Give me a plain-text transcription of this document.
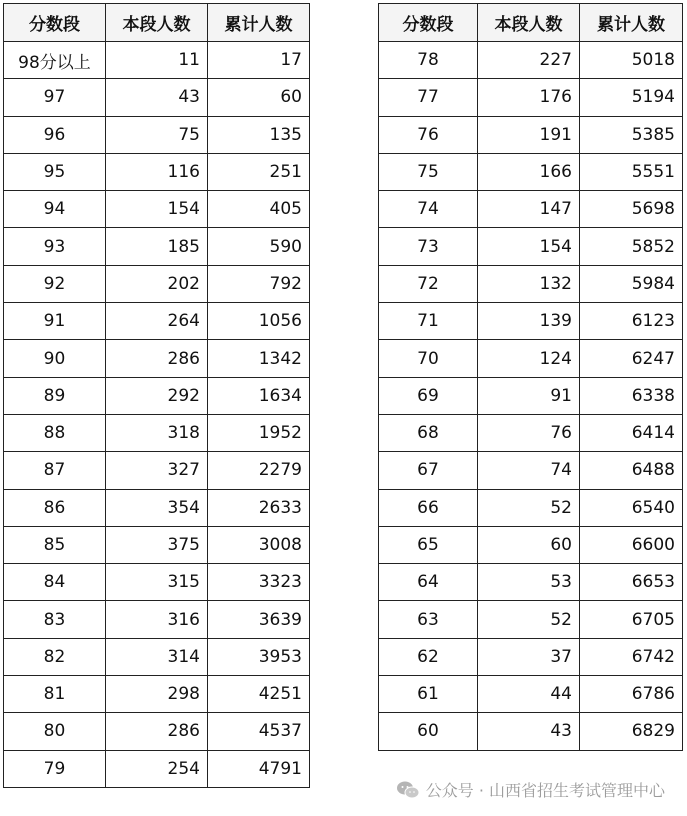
分数段	本段人数	累计人数
98分以上	11	17
97	43	60
96	75	135
95	116	251
94	154	405
93	185	590
92	202	792
91	264	1056
90	286	1342
89	292	1634
88	318	1952
87	327	2279
86	354	2633
85	375	3008
84	315	3323
83	316	3639
82	314	3953
81	298	4251
80	286	4537
79	254	4791
分数段	本段人数	累计人数
78	227	5018
77	176	5194
76	191	5385
75	166	5551
74	147	5698
73	154	5852
72	132	5984
71	139	6123
70	124	6247
69	91	6338
68	76	6414
67	74	6488
66	52	6540
65	60	6600
64	53	6653
63	52	6705
62	37	6742
61	44	6786
60	43	6829
公众号 · 山西省招生考试管理中心
